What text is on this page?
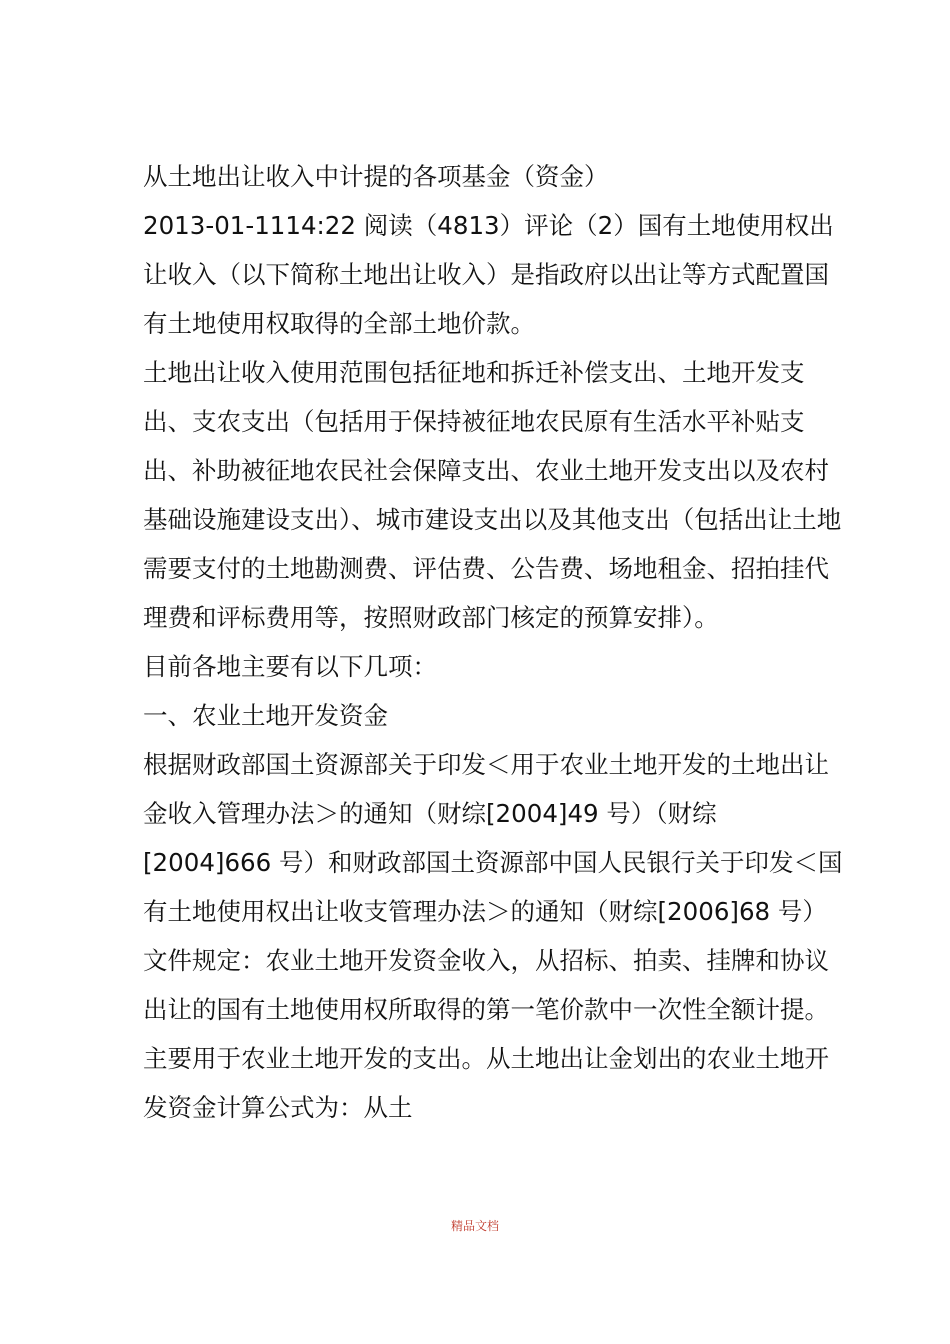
从土地出让收入中计提的各项基金（资金）

2013-01-1114:22 阅读（4813）评论（2）国有土地使用权出让收入（以下简称土地出让收入）是指政府以出让等方式配置国有土地使用权取得的全部土地价款。

土地出让收入使用范围包括征地和拆迁补偿支出、土地开发支出、支农支出（包括用于保持被征地农民原有生活水平补贴支出、补助被征地农民社会保障支出、农业土地开发支出以及农村基础设施建设支出）、城市建设支出以及其他支出（包括出让土地需要支付的土地勘测费、评估费、公告费、场地租金、招拍挂代理费和评标费用等，按照财政部门核定的预算安排）。

目前各地主要有以下几项：

一、农业土地开发资金

根据财政部国土资源部关于印发＜用于农业土地开发的土地出让金收入管理办法＞的通知（财综[2004]49 号）（财综[2004]666 号）和财政部国土资源部中国人民银行关于印发＜国有土地使用权出让收支管理办法＞的通知（财综[2006]68 号）

文件规定：农业土地开发资金收入，从招标、拍卖、挂牌和协议出让的国有土地使用权所取得的第一笔价款中一次性全额计提。主要用于农业土地开发的支出。从土地出让金划出的农业土地开发资金计算公式为：从土

精品文档
